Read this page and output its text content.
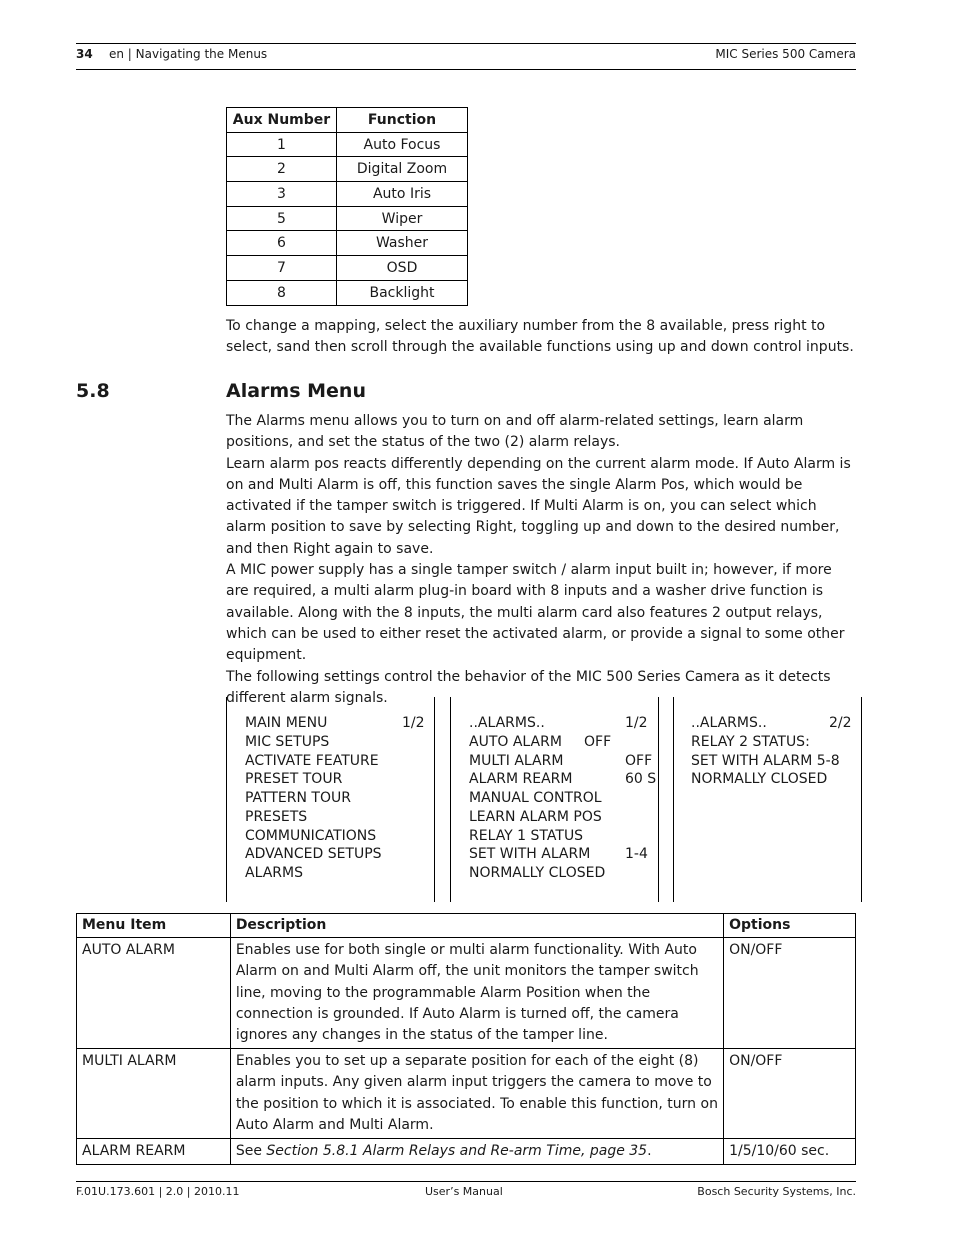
34 en | Navigating the Menus	MIC Series 500 Camera
Aux Number	Function
1	Auto Focus
2	Digital Zoom
3	Auto Iris
5	Wiper
6	Washer
7	OSD
8	Backlight

To change a mapping, select the auxiliary number from the 8 available, press right to select, sand then scroll through the available functions using up and down control inputs.

5.8	Alarms Menu

The Alarms menu allows you to turn on and off alarm-related settings, learn alarm positions, and set the status of the two (2) alarm relays.

Learn alarm pos reacts differently depending on the current alarm mode. If Auto Alarm is on and Multi Alarm is off, this function saves the single Alarm Pos, which would be activated if the tamper switch is triggered. If Multi Alarm is on, you can select which alarm position to save by selecting Right, toggling up and down to the desired number, and then Right again to save.

A MIC power supply has a single tamper switch / alarm input built in; however, if more are required, a multi alarm plug-in board with 8 inputs and a washer drive function is available. Along with the 8 inputs, the multi alarm card also features 2 output relays, which can be used to either reset the activated alarm, or provide a signal to some other equipment.

The following settings control the behavior of the MIC 500 Series Camera as it detects different alarm signals.

MAIN MENU	1/2
MIC SETUPS
ACTIVATE FEATURE
PRESET TOUR
PATTERN TOUR
PRESETS
COMMUNICATIONS
ADVANCED SETUPS
ALARMS
..ALARMS..	1/2
AUTO ALARM OFF
MULTI ALARM	OFF
ALARM REARM	60 S
MANUAL CONTROL
LEARN ALARM POS
RELAY 1 STATUS
SET WITH ALARM 1-4
NORMALLY CLOSED
..ALARMS..	2/2
RELAY 2 STATUS:
SET WITH ALARM 5-8
NORMALLY CLOSED
Menu Item	Description	Options
AUTO ALARM	Enables use for both single or multi alarm functionality. With Auto Alarm on and Multi Alarm off, the unit monitors the tamper switch line, moving to the programmable Alarm Position when the connection is grounded. If Auto Alarm is turned off, the camera ignores any changes in the status of the tamper line.	ON/OFF
MULTI ALARM	Enables you to set up a separate position for each of the eight (8) alarm inputs. Any given alarm input triggers the camera to move to the position to which it is associated. To enable this function, turn on Auto Alarm and Multi Alarm.	ON/OFF
ALARM REARM	See Section 5.8.1 Alarm Relays and Re-arm Time, page 35.	1/5/10/60 sec.
F.01U.173.601 | 2.0 | 2010.11	User’s Manual	Bosch Security Systems, Inc.
